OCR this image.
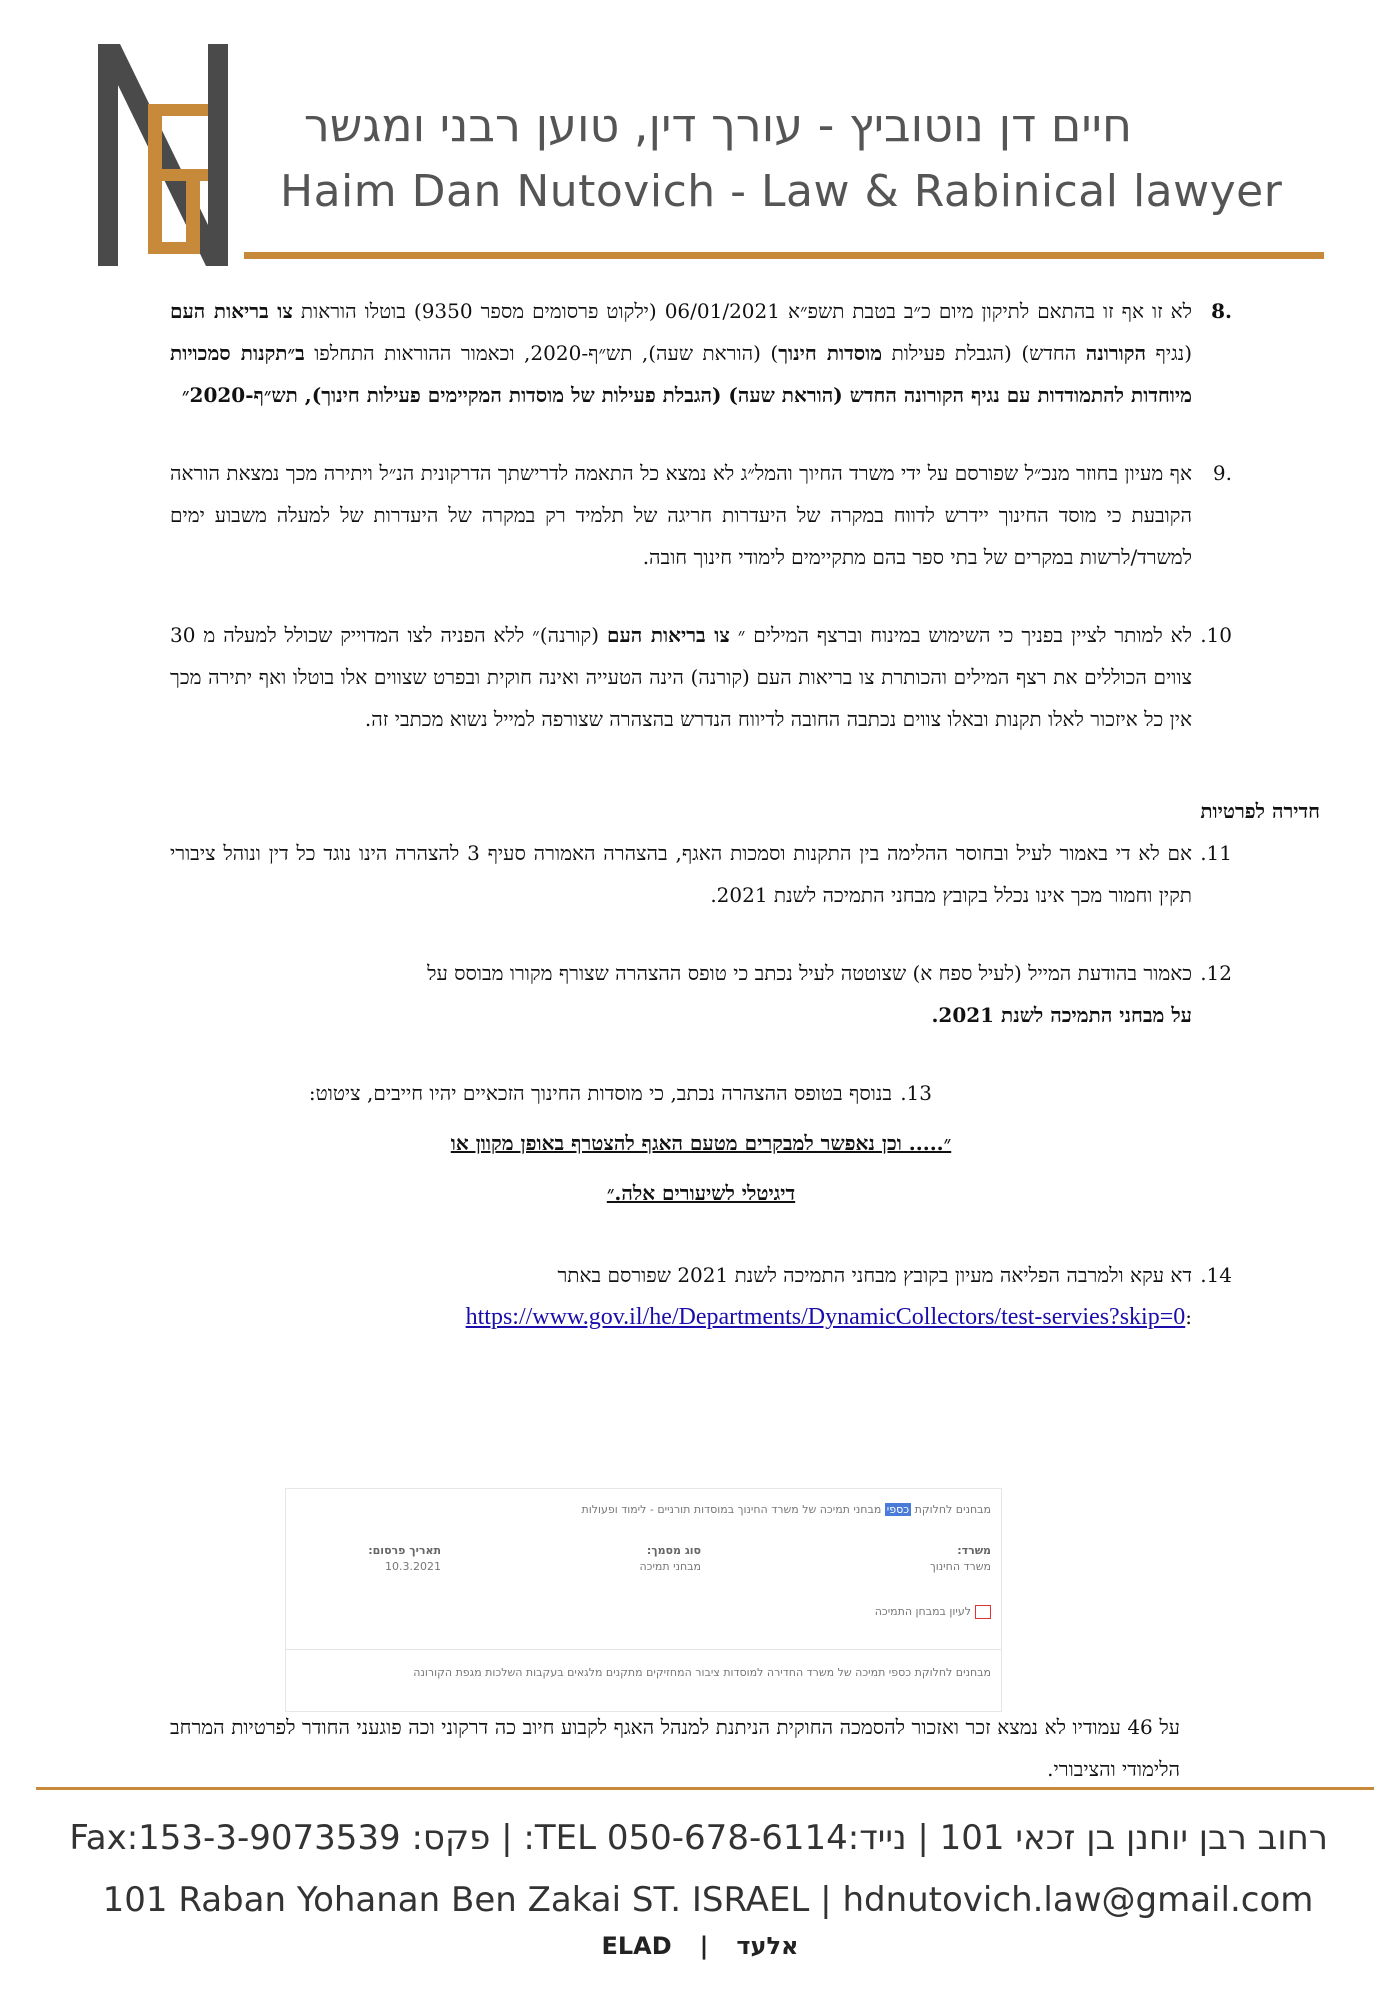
חיים דן נוטוביץ - עורך דין, טוען רבני ומגשר
Haim Dan Nutovich - Law & Rabinical lawyer
.8
לא זו אף זו בהתאם לתיקון מיום כ״ב בטבת תשפ״א 06/01/2021 (ילקוט פרסומים מספר 9350) בוטלו הוראות צו בריאות העם (נגיף הקורונה החדש) (הגבלת פעילות מוסדות חינוך) (הוראת שעה), תש״ף-2020, וכאמור ההוראות התחלפו ב״תקנות סמכויות מיוחדות להתמודדות עם נגיף הקורונה החדש (הוראת שעה) (הגבלת פעילות של מוסדות המקיימים פעילות חינוך), תש״ף-2020״
.9
אף מעיון בחוזר מנכ״ל שפורסם על ידי משרד החיוך והמל״ג לא נמצא כל התאמה לדרישתך הדרקונית הנ״ל ויתירה מכך נמצאת הוראה הקובעת כי מוסד החינוך יידרש לדווח במקרה של היעדרות חריגה של תלמיד רק במקרה של היעדרות של למעלה משבוע ימים למשרד/לרשות במקרים של בתי ספר בהם מתקיימים לימודי חינוך חובה.
10.
לא למותר לציין בפניך כי השימוש במינוח וברצף המילים ״ צו בריאות העם (קורנה)״ ללא הפניה לצו המדוייק שכולל למעלה מ 30 צווים הכוללים את רצף המילים והכותרת צו בריאות העם (קורנה) הינה הטעייה ואינה חוקית ובפרט שצווים אלו בוטלו ואף יתירה מכך אין כל איזכור לאלו תקנות ובאלו צווים נכתבה החובה לדיווח הנדרש בהצהרה שצורפה למייל נשוא מכתבי זה.
חדירה לפרטיות
11.
אם לא די באמור לעיל ובחוסר ההלימה בין התקנות וסמכות האגף, בהצהרה האמורה סעיף 3 להצהרה הינו נוגד כל דין ונוהל ציבורי תקין וחמור מכך אינו נכלל בקובץ מבחני התמיכה לשנת 2021.
12.
כאמור בהודעת המייל (לעיל ספח א) שצוטטה לעיל נכתב כי טופס ההצהרה שצורף מקורו מבוסס על
על מבחני התמיכה לשנת 2021.
13.
בנוסף בטופס ההצהרה נכתב, כי מוסדות החינוך הזכאיים יהיו חייבים, ציטוט:
״..... וכן נאפשר למבקרים מטעם האגף להצטרף באופן מקוון או
דיגיטלי לשיעורים אלה.״
14.
דא עקא ולמרבה הפליאה מעיון בקובץ מבחני התמיכה לשנת 2021 שפורסם באתר
:https://www.gov.il/he/Departments/DynamicCollectors/test-servies?skip=0
מבחנים לחלוקת כספי מבחני תמיכה של משרד החינוך במוסדות תורניים - לימוד ופעולות
משרד:
משרד החינוך
סוג מסמך:
מבחני תמיכה
תאריך פרסום:
10.3.2021
לעיון במבחן התמיכה
מבחנים לחלוקת כספי תמיכה של משרד החדירה למוסדות ציבור המחזיקים מתקנים מלגאים בעקבות השלכות מגפת הקורונה
על 46 עמודיו לא נמצא זכר ואזכור להסמכה החוקית הניתנת למנהל האגף לקבוע חיוב כה דרקוני וכה פוגעני החודר לפרטיות המרחב הלימודי והציבורי.
רחוב רבן יוחנן בן זכאי 101 | נייד:050-678-6114 TEL: | פקס: Fax:153-3-9073539
101 Raban Yohanan Ben Zakai ST. ISRAEL | hdnutovich.law@gmail.com
ELAD | אלעד
